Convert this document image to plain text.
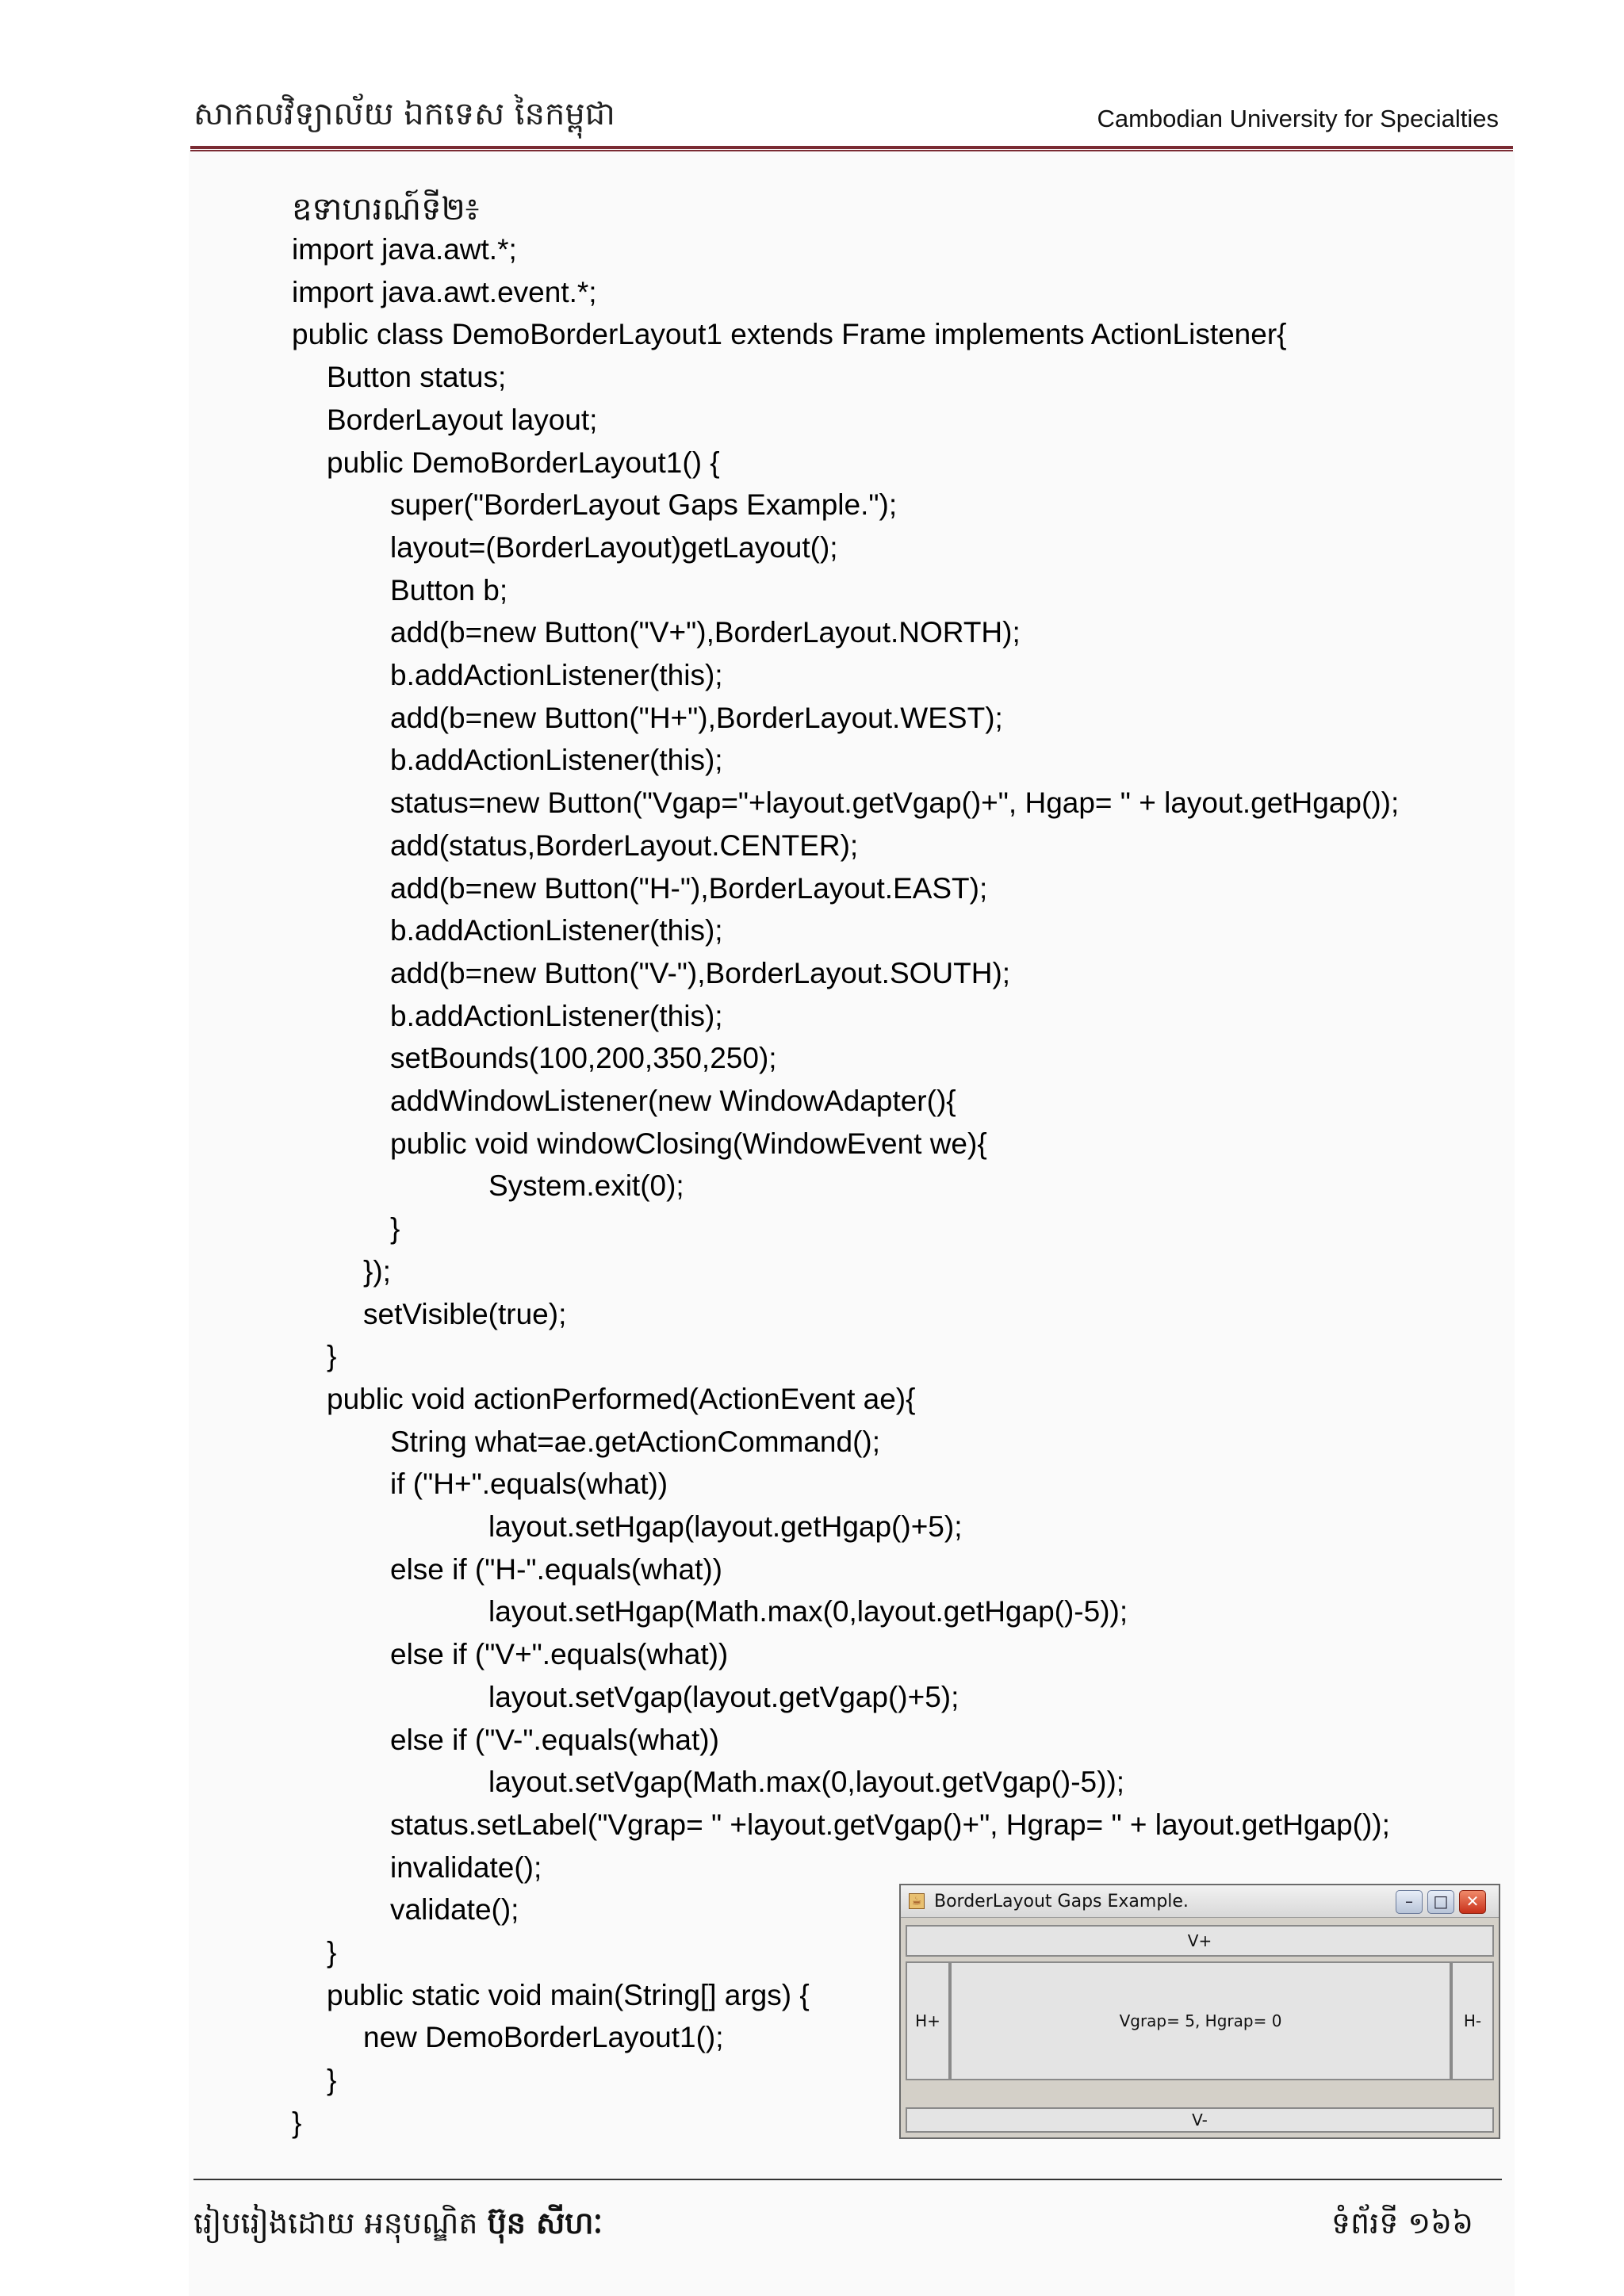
សាកលវិទ្យាល័យ ឯកទេស នៃកម្ពុជា	Cambodian University for Specialties
ឧទាហរណ៍ទី២៖
import java.awt.*;
import java.awt.event.*;
public class DemoBorderLayout1 extends Frame implements ActionListener{
Button status;
BorderLayout layout;
public DemoBorderLayout1() {
super("BorderLayout Gaps Example.");
layout=(BorderLayout)getLayout();
Button b;
add(b=new Button("V+"),BorderLayout.NORTH);
b.addActionListener(this);
add(b=new Button("H+"),BorderLayout.WEST);
b.addActionListener(this);
status=new Button("Vgap="+layout.getVgap()+", Hgap= " + layout.getHgap());
add(status,BorderLayout.CENTER);
add(b=new Button("H-"),BorderLayout.EAST);
b.addActionListener(this);
add(b=new Button("V-"),BorderLayout.SOUTH);
b.addActionListener(this);
setBounds(100,200,350,250);
addWindowListener(new WindowAdapter(){
public void windowClosing(WindowEvent we){
System.exit(0);
}
});
setVisible(true);
}
public void actionPerformed(ActionEvent ae){
String what=ae.getActionCommand();
if ("H+".equals(what))
layout.setHgap(layout.getHgap()+5);
else if ("H-".equals(what))
layout.setHgap(Math.max(0,layout.getHgap()-5));
else if ("V+".equals(what))
layout.setVgap(layout.getVgap()+5);
else if ("V-".equals(what))
layout.setVgap(Math.max(0,layout.getVgap()-5));
status.setLabel("Vgrap= " +layout.getVgap()+", Hgrap= " + layout.getHgap());
invalidate();
validate();
}
public static void main(String[] args) {
new DemoBorderLayout1();
}
}
☕ BorderLayout Gaps Example.	–	□	✕
V+
H+	Vgrap= 5, Hgrap= 0	H-
V-
រៀបរៀងដោយ អនុបណ្ឌិត ប៊ុន សីហៈ	ទំព័រទី ១៦៦
